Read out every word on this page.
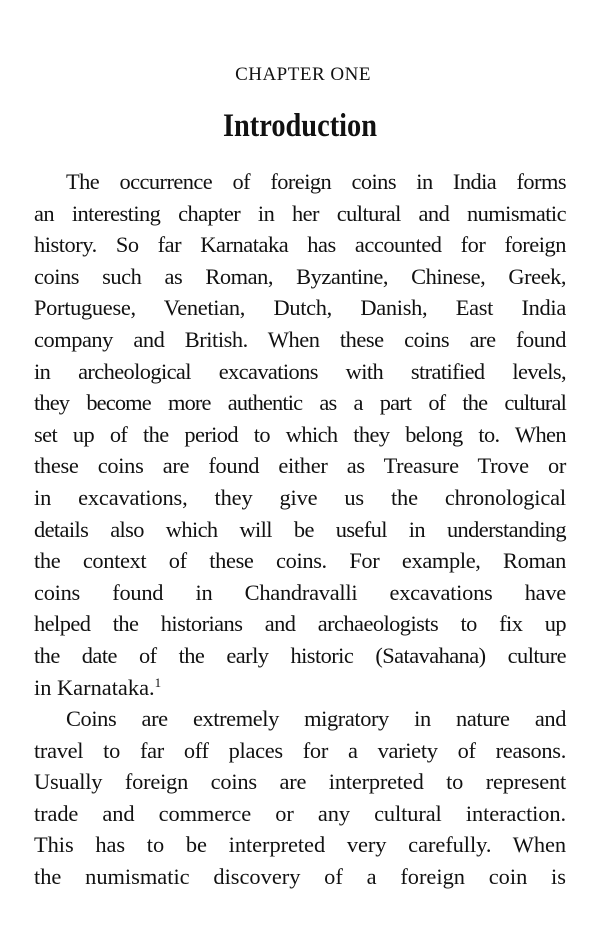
CHAPTER ONE
Introduction
The occurrence of foreign coins in India forms
an interesting chapter in her cultural and numismatic
history. So far Karnataka has accounted for foreign
coins such as Roman, Byzantine, Chinese, Greek,
Portuguese, Venetian, Dutch, Danish, East India
company and British. When these coins are found
in archeological excavations with stratified levels,
they become more authentic as a part of the cultural
set up of the period to which they belong to. When
these coins are found either as Treasure Trove or
in excavations, they give us the chronological
details also which will be useful in understanding
the context of these coins. For example, Roman
coins found in Chandravalli excavations have
helped the historians and archaeologists to fix up
the date of the early historic (Satavahana) culture
in Karnataka.$^1$
Coins are extremely migratory in nature and
travel to far off places for a variety of reasons.
Usually foreign coins are interpreted to represent
trade and commerce or any cultural interaction.
This has to be interpreted very carefully. When
the numismatic discovery of a foreign coin is
